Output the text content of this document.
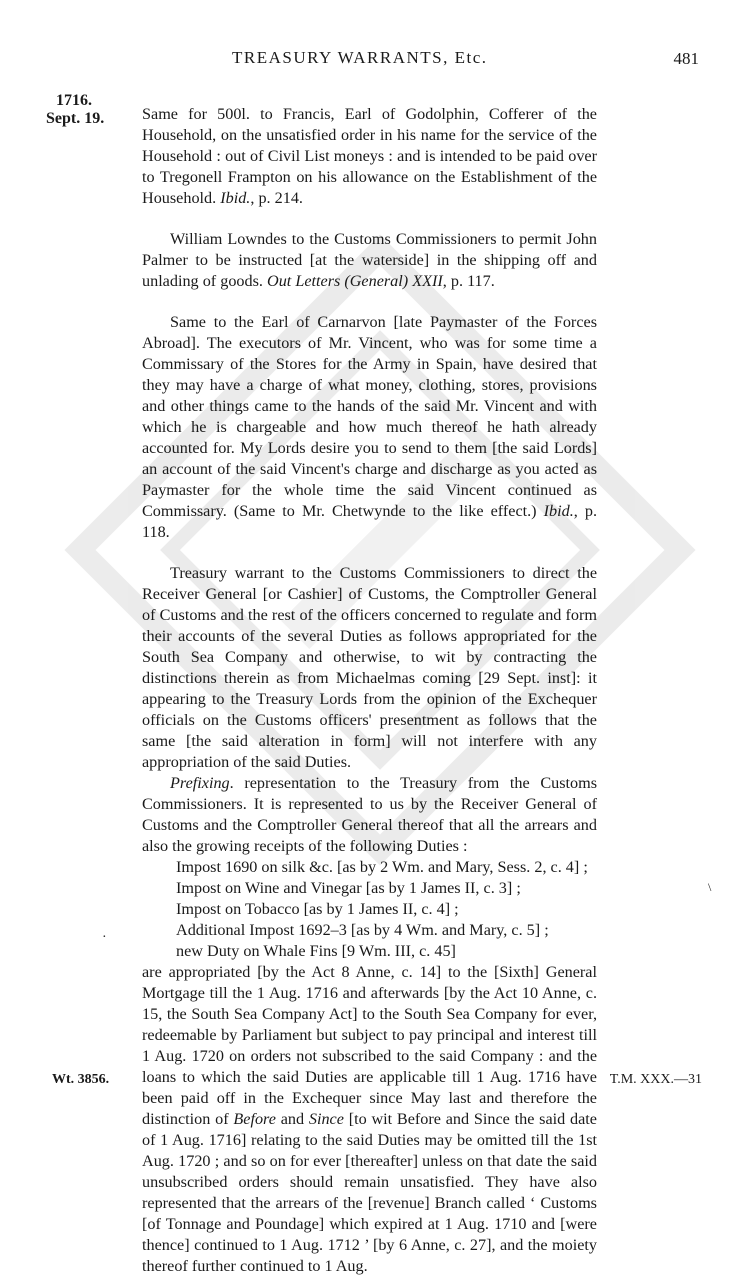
TREASURY WARRANTS, Etc.	481
1716.
Sept. 19. Same for 500l. to Francis, Earl of Godolphin, Cofferer of the Household, on the unsatisfied order in his name for the service of the Household : out of Civil List moneys : and is intended to be paid over to Tregonell Frampton on his allowance on the Establishment of the Household. Ibid., p. 214.

William Lowndes to the Customs Commissioners to permit John Palmer to be instructed [at the waterside] in the shipping off and unlading of goods. Out Letters (General) XXII, p. 117.

Same to the Earl of Carnarvon [late Paymaster of the Forces Abroad]. The executors of Mr. Vincent, who was for some time a Commissary of the Stores for the Army in Spain, have desired that they may have a charge of what money, clothing, stores, provisions and other things came to the hands of the said Mr. Vincent and with which he is chargeable and how much thereof he hath already accounted for. My Lords desire you to send to them [the said Lords] an account of the said Vincent's charge and discharge as you acted as Paymaster for the whole time the said Vincent continued as Commissary. (Same to Mr. Chetwynde to the like effect.) Ibid., p. 118.

Treasury warrant to the Customs Commissioners to direct the Receiver General [or Cashier] of Customs, the Comptroller General of Customs and the rest of the officers concerned to regulate and form their accounts of the several Duties as follows appropriated for the South Sea Company and otherwise, to wit by contracting the distinctions therein as from Michaelmas coming [29 Sept. inst]: it appearing to the Treasury Lords from the opinion of the Exchequer officials on the Customs officers' presentment as follows that the same [the said alteration in form] will not interfere with any appropriation of the said Duties.

Prefixing. representation to the Treasury from the Customs Commissioners. It is represented to us by the Receiver General of Customs and the Comptroller General thereof that all the arrears and also the growing receipts of the following Duties :

Impost 1690 on silk &c. [as by 2 Wm. and Mary, Sess. 2, c. 4] ;
Impost on Wine and Vinegar [as by 1 James II, c. 3] ;
Impost on Tobacco [as by 1 James II, c. 4] ;
Additional Impost 1692–3 [as by 4 Wm. and Mary, c. 5] ;
new Duty on Whale Fins [9 Wm. III, c. 45]

are appropriated [by the Act 8 Anne, c. 14] to the [Sixth] General Mortgage till the 1 Aug. 1716 and afterwards [by the Act 10 Anne, c. 15, the South Sea Company Act] to the South Sea Company for ever, redeemable by Parliament but subject to pay principal and interest till 1 Aug. 1720 on orders not subscribed to the said Company : and the loans to which the said Duties are applicable till 1 Aug. 1716 have been paid off in the Exchequer since May last and therefore the distinction of Before and Since [to wit Before and Since the said date of 1 Aug. 1716] relating to the said Duties may be omitted till the 1st Aug. 1720 ; and so on for ever [thereafter] unless on that date the said unsubscribed orders should remain unsatisfied. They have also represented that the arrears of the [revenue] Branch called ‘ Customs [of Tonnage and Poundage] which expired at 1 Aug. 1710 and [were thence] continued to 1 Aug. 1712 ’ [by 6 Anne, c. 27], and the moiety thereof further continued to 1 Aug.

·
\
Wt. 3856.	T.M. XXX.—31
